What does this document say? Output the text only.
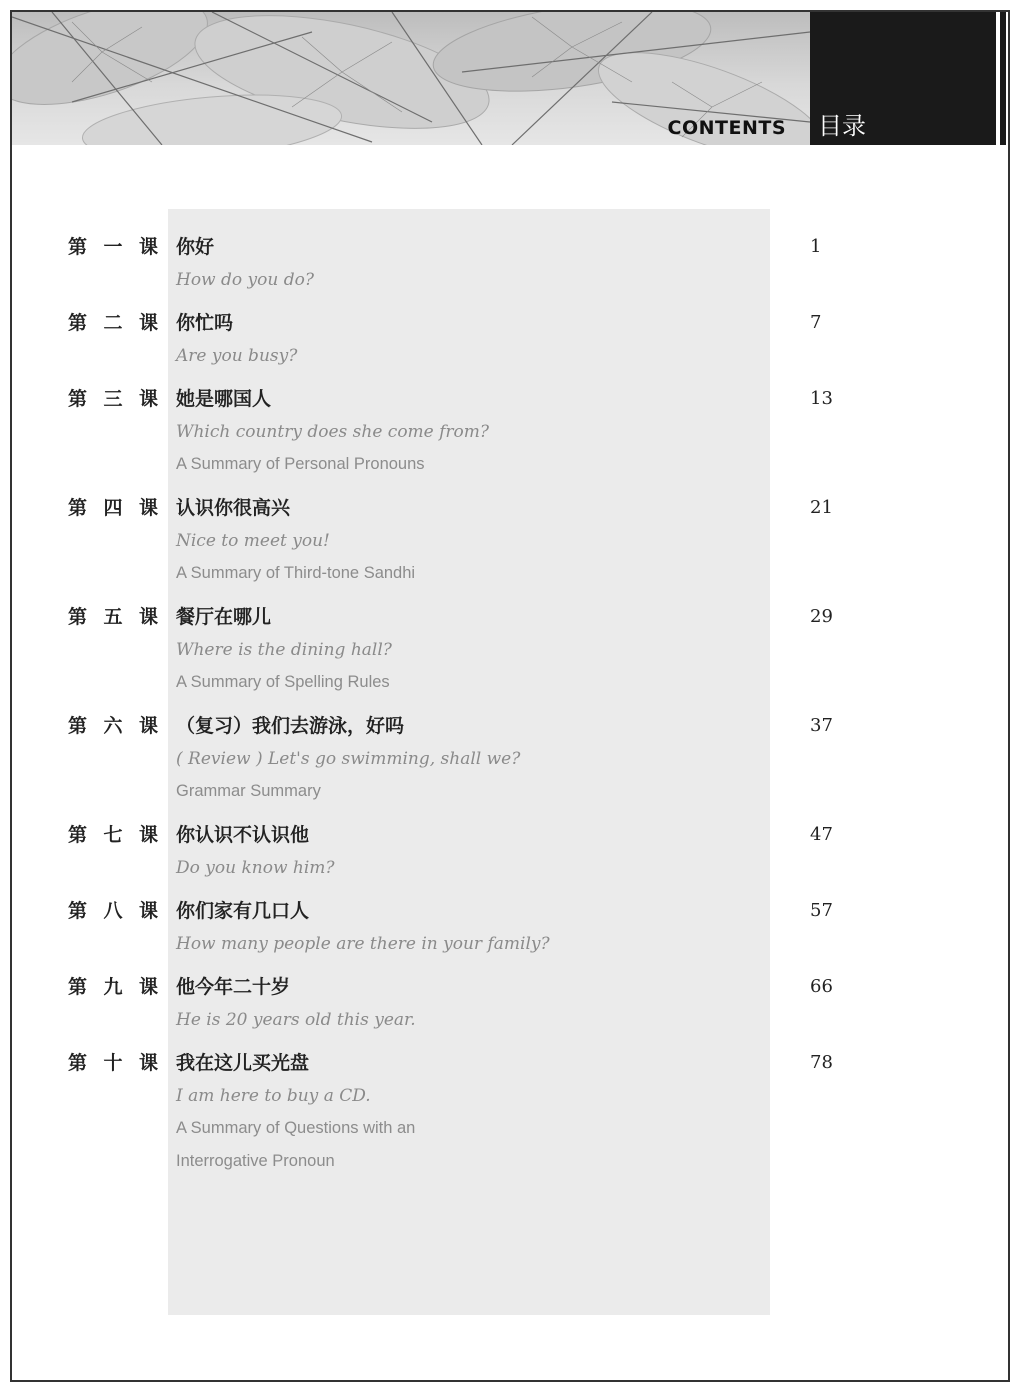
CONTENTS 目录
第 一 课 你好
How do you do?
1
第 二 课 你忙吗
Are you busy?
7
第 三 课 她是哪国人
Which country does she come from?
A Summary of Personal Pronouns
13
第 四 课 认识你很高兴
Nice to meet you!
A Summary of Third-tone Sandhi
21
第 五 课 餐厅在哪儿
Where is the dining hall?
A Summary of Spelling Rules
29
第 六 课 （复习）我们去游泳，好吗
( Review ) Let's go swimming, shall we?
Grammar Summary
37
第 七 课 你认识不认识他
Do you know him?
47
第 八 课 你们家有几口人
How many people are there in your family?
57
第 九 课 他今年二十岁
He is 20 years old this year.
66
第 十 课 我在这儿买光盘
I am here to buy a CD.
A Summary of Questions with an
Interrogative Pronoun
78
